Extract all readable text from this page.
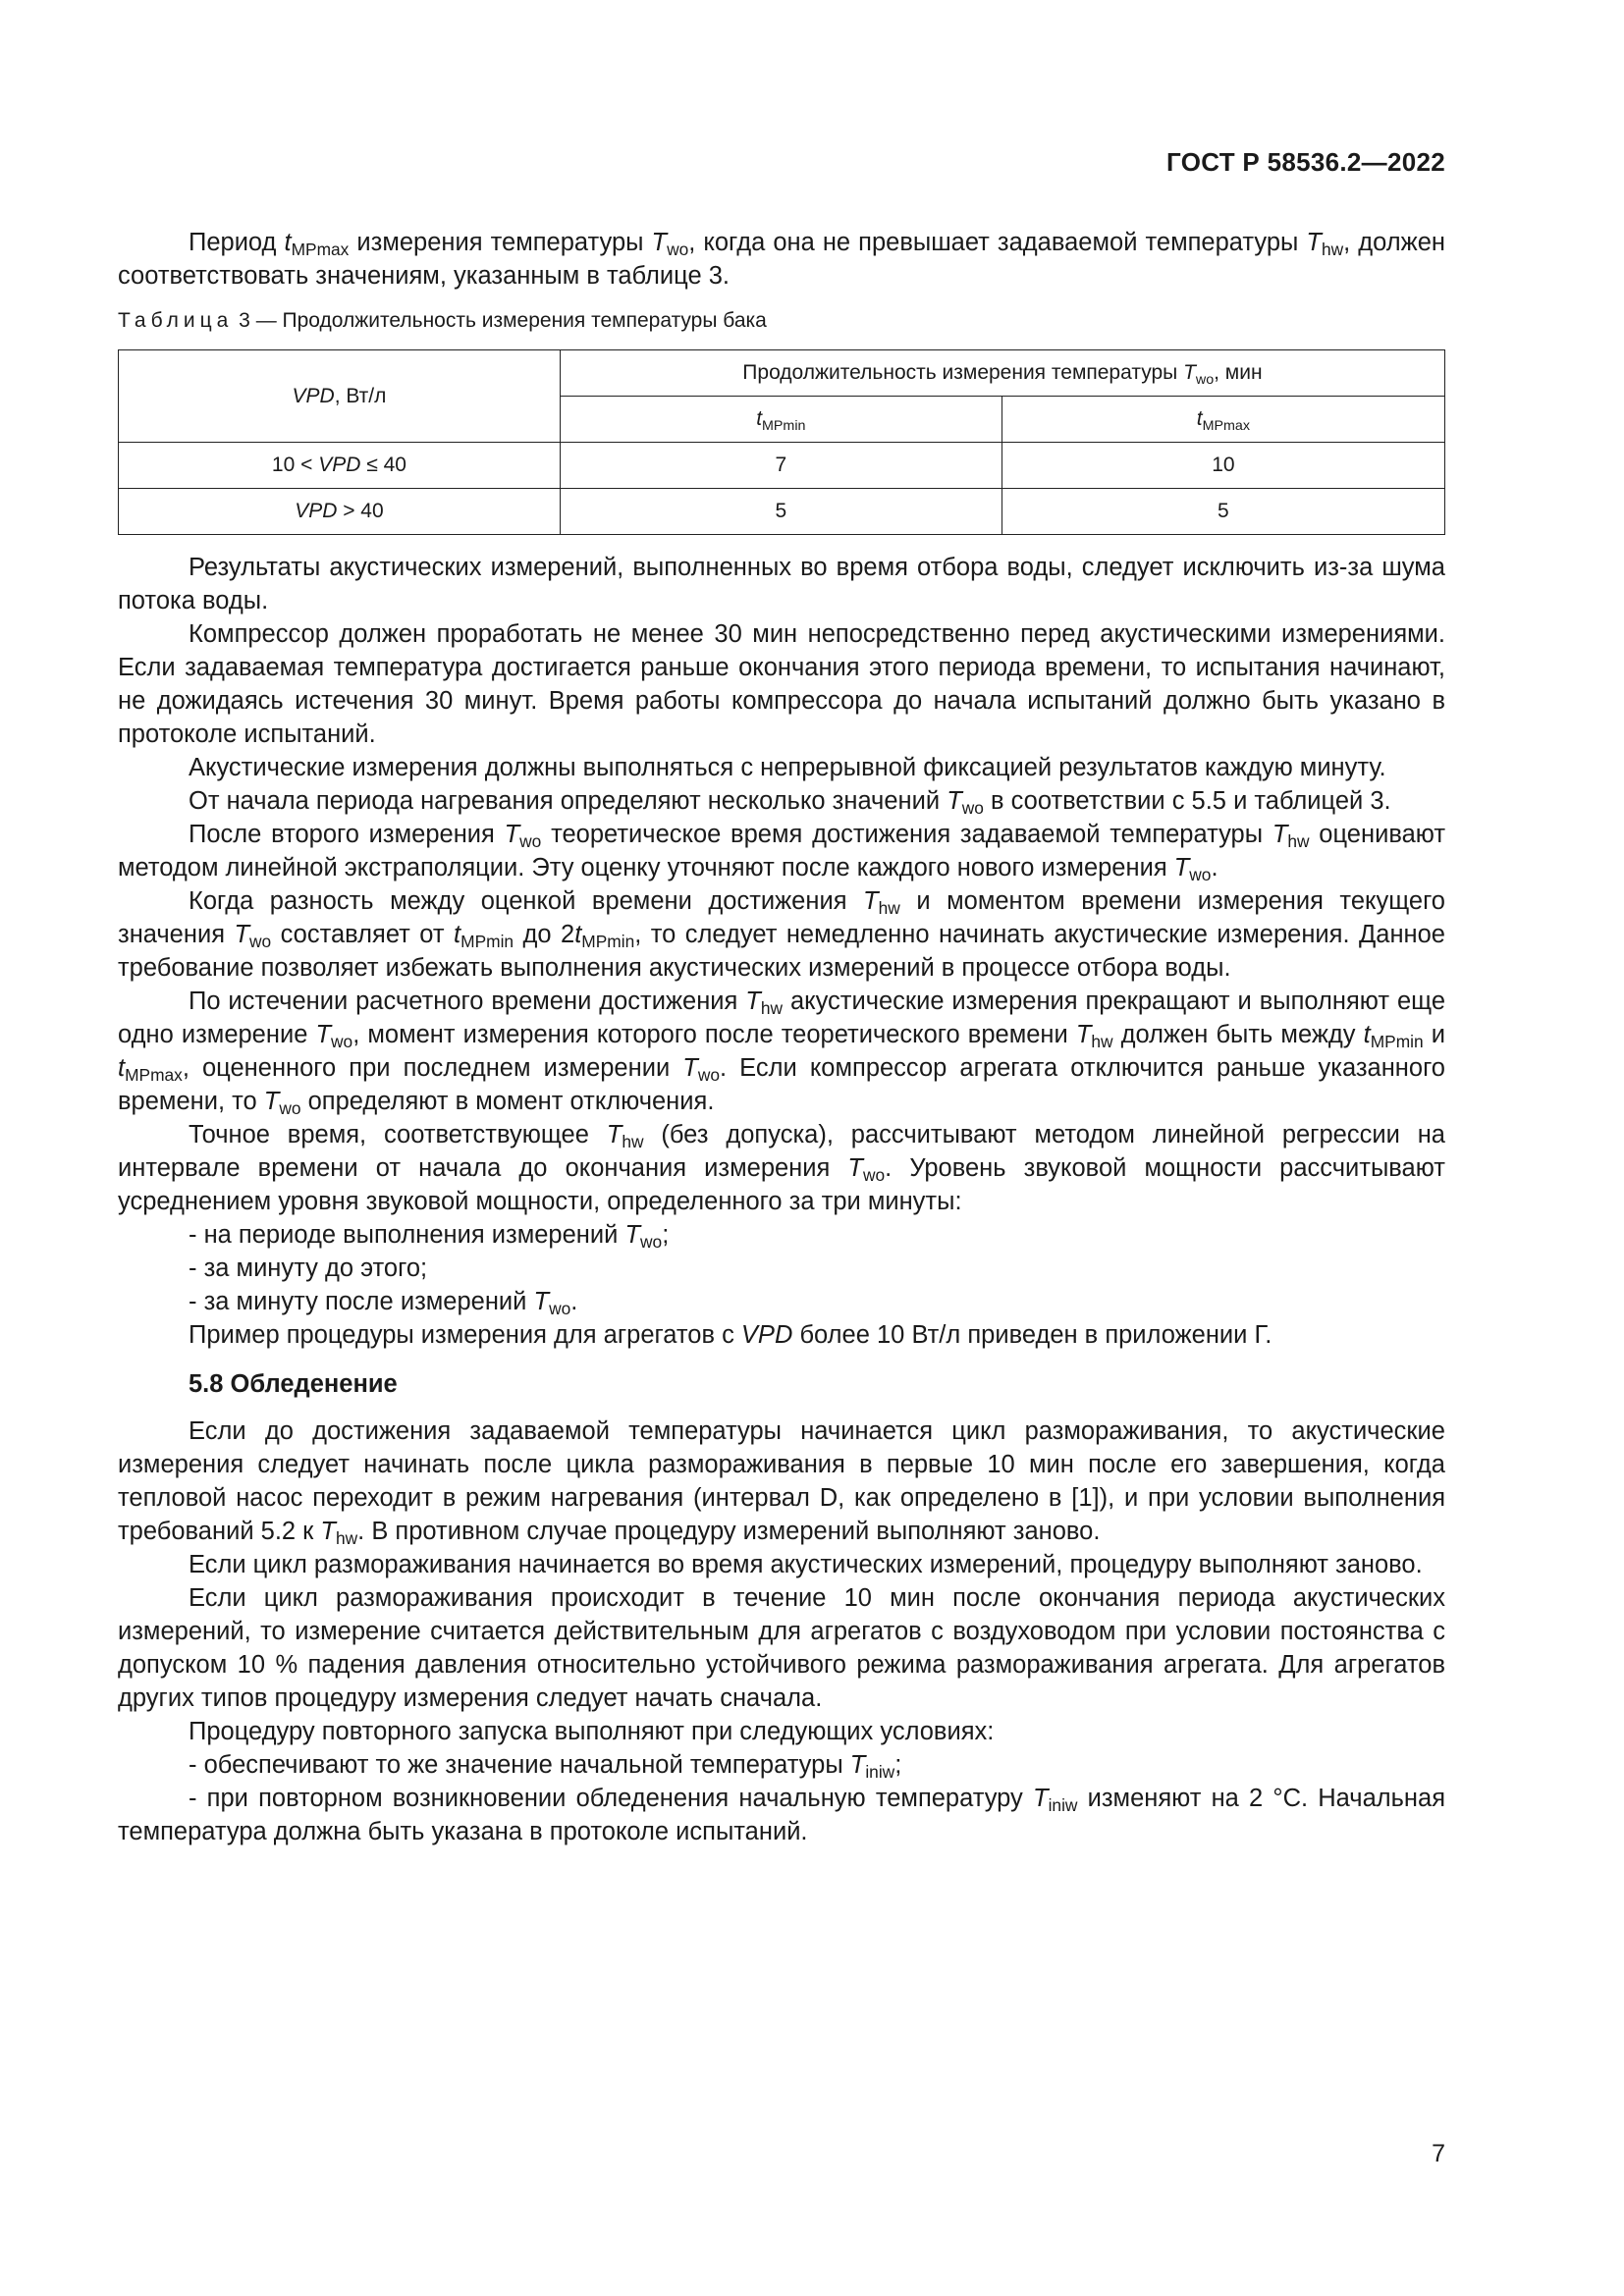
ГОСТ Р 58536.2—2022

Период $t_{MPmax}$ измерения температуры $T_{wo}$, когда она не превышает задаваемой температуры $T_{hw}$, должен соответствовать значениям, указанным в таблице 3.

Таблица 3 — Продолжительность измерения температуры бака
VPD, Вт/л	Продолжительность измерения температуры $T_{wo}$, мин	
	$t_{MPmin}$	$t_{MPmax}$
10 < VPD ≤ 40	7	10
VPD > 40	5	5

Результаты акустических измерений, выполненных во время отбора воды, следует исключить из-за шума потока воды.

Компрессор должен проработать не менее 30 мин непосредственно перед акустическими измерениями. Если задаваемая температура достигается раньше окончания этого периода времени, то испытания начинают, не дожидаясь истечения 30 минут. Время работы компрессора до начала испытаний должно быть указано в протоколе испытаний.

Акустические измерения должны выполняться с непрерывной фиксацией результатов каждую минуту.

От начала периода нагревания определяют несколько значений $T_{wo}$ в соответствии с 5.5 и таблицей 3.

После второго измерения $T_{wo}$ теоретическое время достижения задаваемой температуры $T_{hw}$ оценивают методом линейной экстраполяции. Эту оценку уточняют после каждого нового измерения $T_{wo}$.

Когда разность между оценкой времени достижения $T_{hw}$ и моментом времени измерения текущего значения $T_{wo}$ составляет от $t_{MPmin}$ до $2t_{MPmin}$, то следует немедленно начинать акустические измерения. Данное требование позволяет избежать выполнения акустических измерений в процессе отбора воды.

По истечении расчетного времени достижения $T_{hw}$ акустические измерения прекращают и выполняют еще одно измерение $T_{wo}$, момент измерения которого после теоретического времени $T_{hw}$ должен быть между $t_{MPmin}$ и $t_{MPmax}$, оцененного при последнем измерении $T_{wo}$. Если компрессор агрегата отключится раньше указанного времени, то $T_{wo}$ определяют в момент отключения.

Точное время, соответствующее $T_{hw}$ (без допуска), рассчитывают методом линейной регрессии на интервале времени от начала до окончания измерения $T_{wo}$. Уровень звуковой мощности рассчитывают усреднением уровня звуковой мощности, определенного за три минуты:

- на периоде выполнения измерений $T_{wo}$;

- за минуту до этого;

- за минуту после измерений $T_{wo}$.

Пример процедуры измерения для агрегатов с VPD более 10 Вт/л приведен в приложении Г.

5.8 Обледенение

Если до достижения задаваемой температуры начинается цикл размораживания, то акустические измерения следует начинать после цикла размораживания в первые 10 мин после его завершения, когда тепловой насос переходит в режим нагревания (интервал D, как определено в [1]), и при условии выполнения требований 5.2 к $T_{hw}$. В противном случае процедуру измерений выполняют заново.

Если цикл размораживания начинается во время акустических измерений, процедуру выполняют заново.

Если цикл размораживания происходит в течение 10 мин после окончания периода акустических измерений, то измерение считается действительным для агрегатов с воздуховодом при условии постоянства с допуском 10 % падения давления относительно устойчивого режима размораживания агрегата. Для агрегатов других типов процедуру измерения следует начать сначала.

Процедуру повторного запуска выполняют при следующих условиях:

- обеспечивают то же значение начальной температуры $T_{iniw}$;

- при повторном возникновении обледенения начальную температуру $T_{iniw}$ изменяют на 2 °С. Начальная температура должна быть указана в протоколе испытаний.

7
